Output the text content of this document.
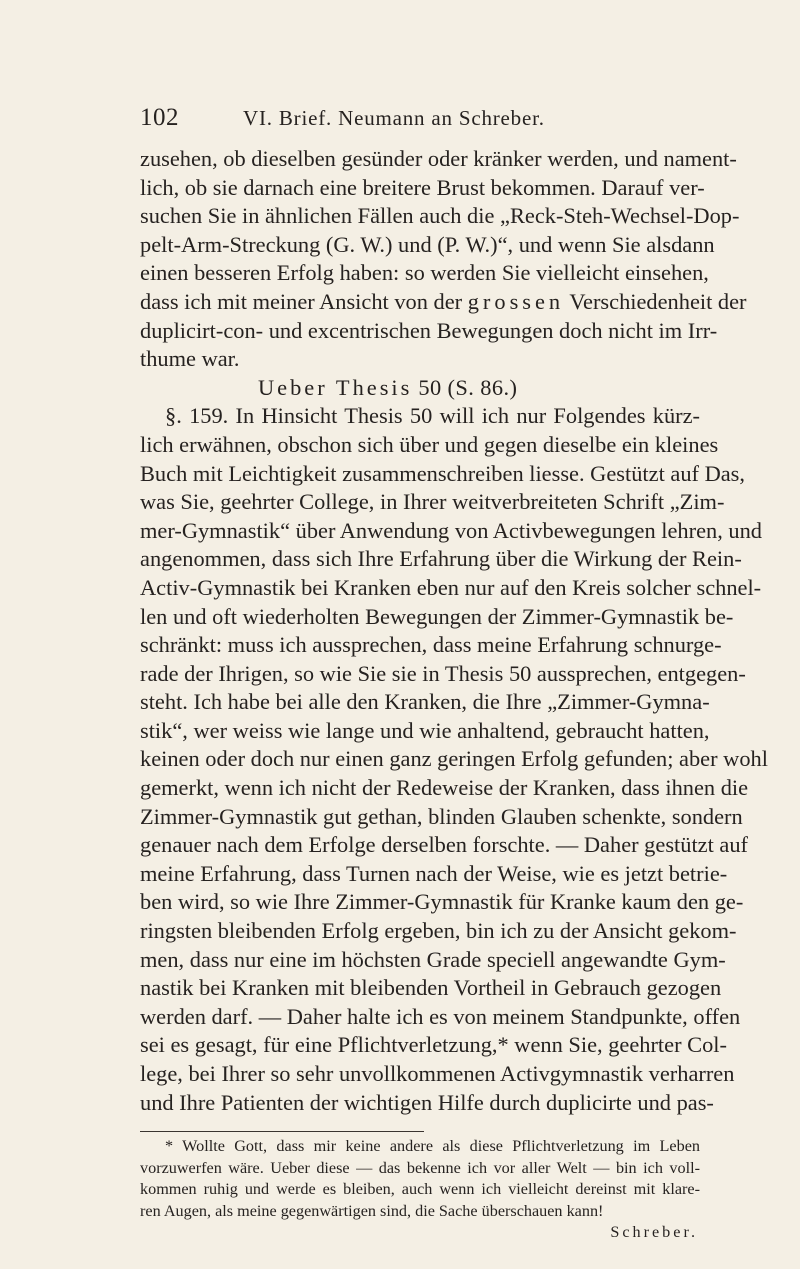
102	VI. Brief. Neumann an Schreber.
zusehen, ob dieselben gesünder oder kränker werden, und nament-
lich, ob sie darnach eine breitere Brust bekommen. Darauf ver-
suchen Sie in ähnlichen Fällen auch die „Reck-Steh-Wechsel-Dop-
pelt-Arm-Streckung (G. W.) und (P. W.)“, und wenn Sie alsdann
einen besseren Erfolg haben: so werden Sie vielleicht einsehen,
dass ich mit meiner Ansicht von der grossen Verschiedenheit der
duplicirt-con- und excentrischen Bewegungen doch nicht im Irr-
thume war.
Ueber Thesis 50 (S. 86.)
§. 159. In Hinsicht Thesis 50 will ich nur Folgendes kürz-
lich erwähnen, obschon sich über und gegen dieselbe ein kleines
Buch mit Leichtigkeit zusammenschreiben liesse. Gestützt auf Das,
was Sie, geehrter College, in Ihrer weitverbreiteten Schrift „Zim-
mer-Gymnastik“ über Anwendung von Activbewegungen lehren, und
angenommen, dass sich Ihre Erfahrung über die Wirkung der Rein-
Activ-Gymnastik bei Kranken eben nur auf den Kreis solcher schnel-
len und oft wiederholten Bewegungen der Zimmer-Gymnastik be-
schränkt: muss ich aussprechen, dass meine Erfahrung schnurge-
rade der Ihrigen, so wie Sie sie in Thesis 50 aussprechen, entgegen-
steht. Ich habe bei alle den Kranken, die Ihre „Zimmer-Gymna-
stik“, wer weiss wie lange und wie anhaltend, gebraucht hatten,
keinen oder doch nur einen ganz geringen Erfolg gefunden; aber wohl
gemerkt, wenn ich nicht der Redeweise der Kranken, dass ihnen die
Zimmer-Gymnastik gut gethan, blinden Glauben schenkte, sondern
genauer nach dem Erfolge derselben forschte. — Daher gestützt auf
meine Erfahrung, dass Turnen nach der Weise, wie es jetzt betrie-
ben wird, so wie Ihre Zimmer-Gymnastik für Kranke kaum den ge-
ringsten bleibenden Erfolg ergeben, bin ich zu der Ansicht gekom-
men, dass nur eine im höchsten Grade speciell angewandte Gym-
nastik bei Kranken mit bleibenden Vortheil in Gebrauch gezogen
werden darf. — Daher halte ich es von meinem Standpunkte, offen
sei es gesagt, für eine Pflichtverletzung,* wenn Sie, geehrter Col-
lege, bei Ihrer so sehr unvollkommenen Activgymnastik verharren
und Ihre Patienten der wichtigen Hilfe durch duplicirte und pas-
* Wollte Gott, dass mir keine andere als diese Pflichtverletzung im Leben
vorzuwerfen wäre. Ueber diese — das bekenne ich vor aller Welt — bin ich voll-
kommen ruhig und werde es bleiben, auch wenn ich vielleicht dereinst mit klare-
ren Augen, als meine gegenwärtigen sind, die Sache überschauen kann!
Schreber.
